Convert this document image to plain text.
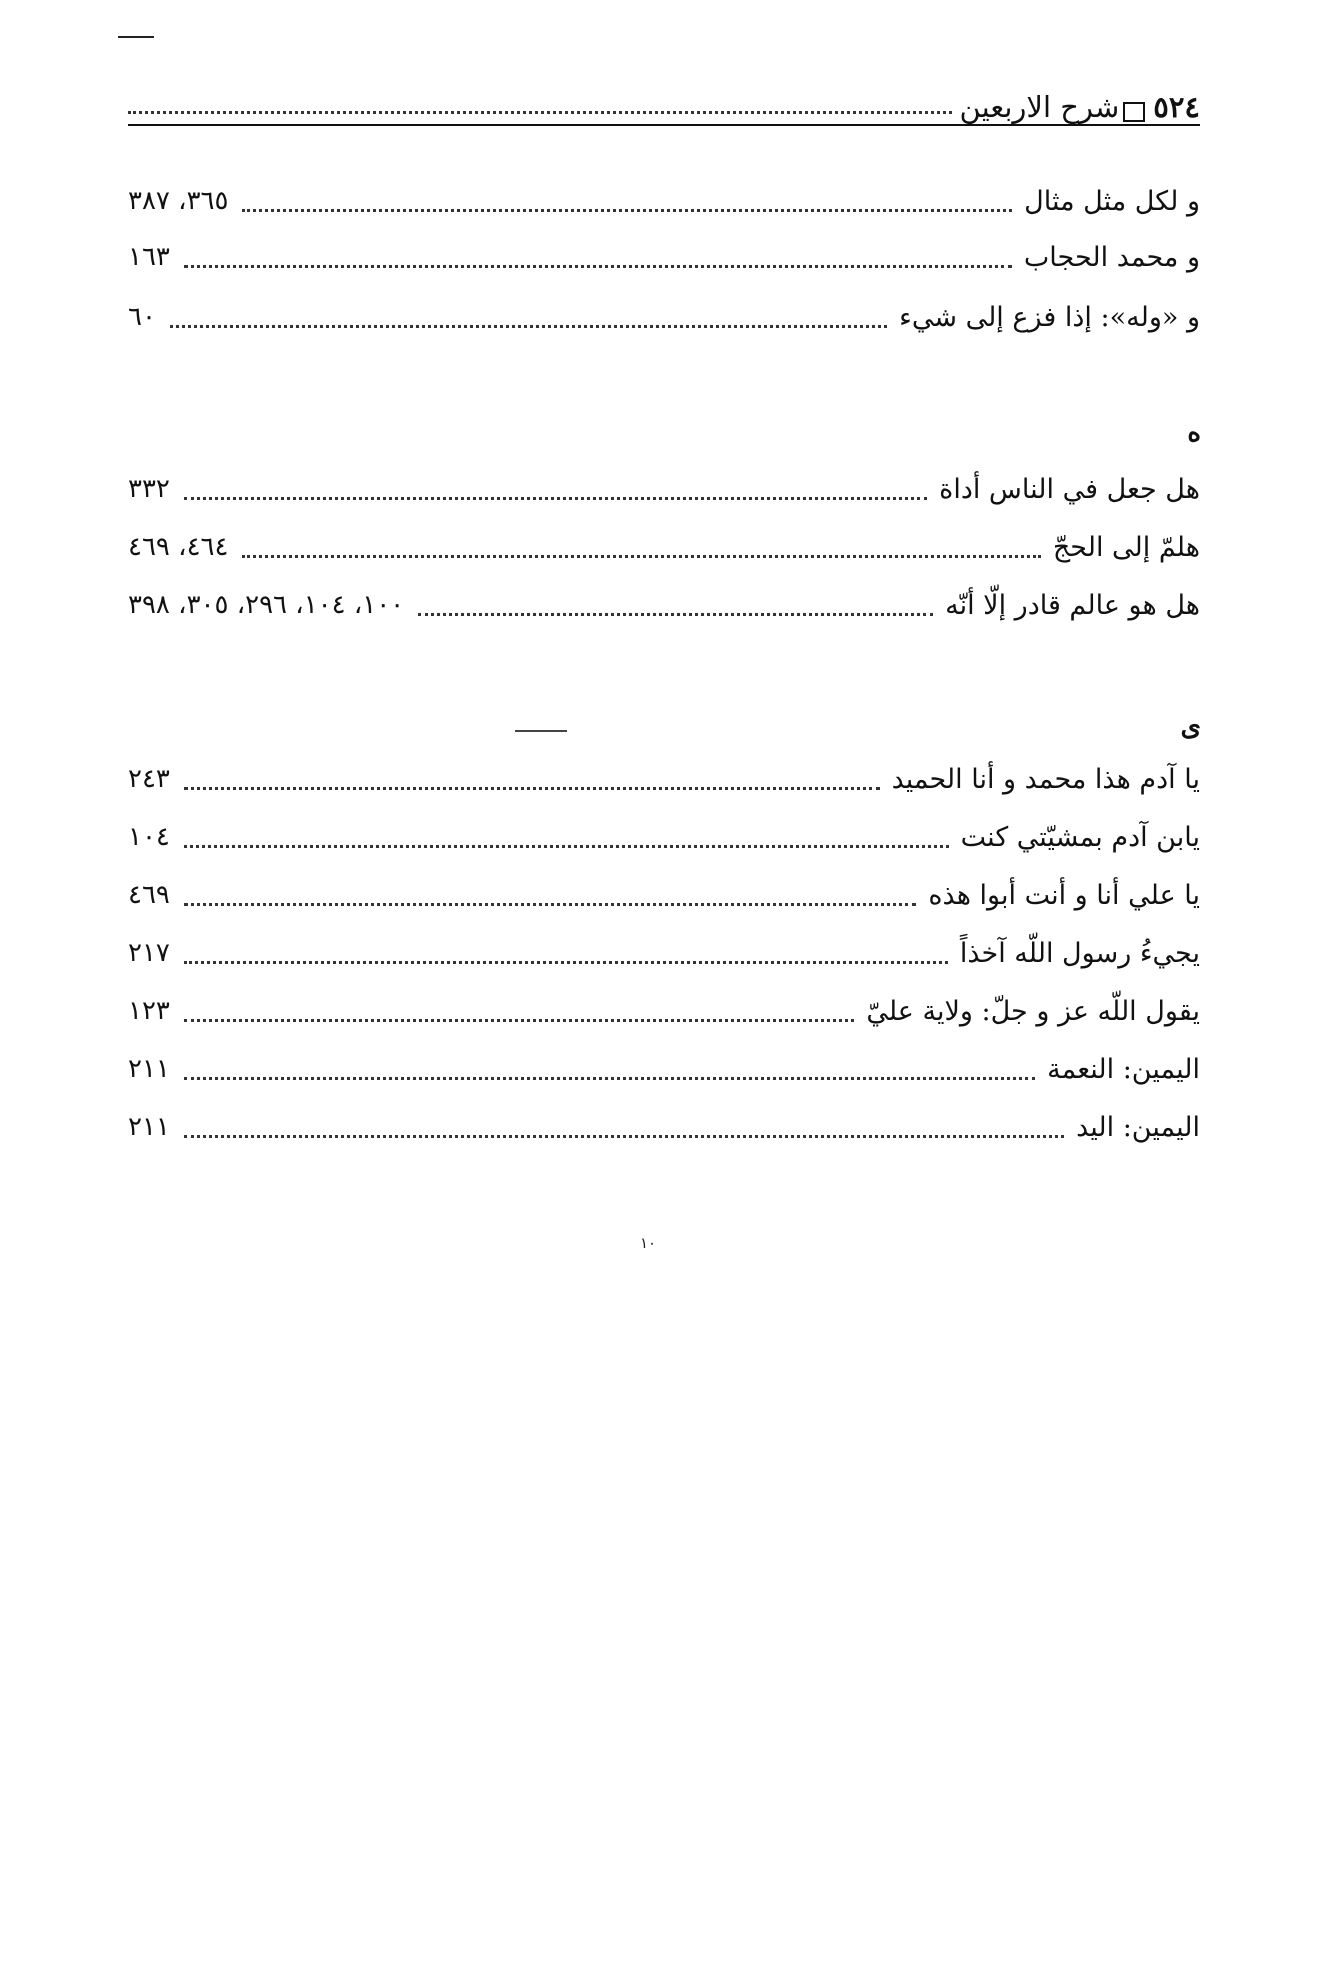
٥٢٤
شرح الاربعين
و لكل مثل مثال
٣٦٥، ٣٨٧
و محمد الحجاب
١٦٣
و «وله»: إذا فزع إلى شيء
٦٠
ه
هل جعل في الناس أداة
٣٣٢
هلمّ إلى الحجّ
٤٦٤، ٤٦٩
هل هو عالم قادر إلّا أنّه
١٠٠، ١٠٤، ٢٩٦، ٣٠٥، ٣٩٨
ى
يا آدم هذا محمد و أنا الحميد
٢٤٣
يابن آدم بمشيّتي كنت
١٠٤
يا علي أنا و أنت أبوا هذه
٤٦٩
يجيءُ رسول اللّه آخذاً
٢١٧
يقول اللّه عز و جلّ: ولاية عليّ
١٢٣
اليمين: النعمة
٢١١
اليمين: اليد
٢١١
١٠
